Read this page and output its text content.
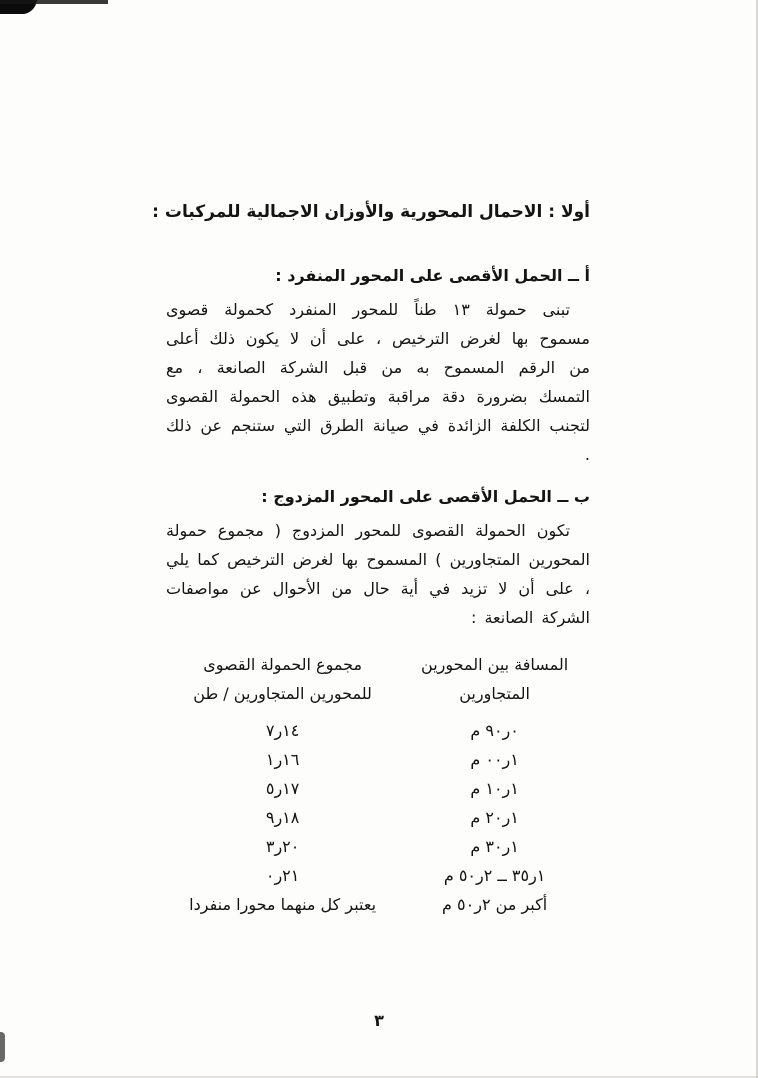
أولا : الاحمال المحورية والأوزان الاجمالية للمركبات :
أ ــ الحمل الأقصى على المحور المنفرد :

تبنى حمولة ١٣ طناً للمحور المنفرد كحمولة قصوى مسموح بها لغرض الترخيص ، على أن لا يكون ذلك أعلى من الرقم المسموح به من قبل الشركة الصانعة ، مع التمسك بضرورة دقة مراقبة وتطبيق هذه الحمولة القصوى لتجنب الكلفة الزائدة في صيانة الطرق التي ستنجم عن ذلك .

ب ــ الحمل الأقصى على المحور المزدوج :

تكون الحمولة القصوى للمحور المزدوج ( مجموع حمولة المحورين المتجاورين ) المسموح بها لغرض الترخيص كما يلي ، على أن لا تزيد في أية حال من الأحوال عن مواصفات الشركة الصانعة :

المسافة بين المحورين
المتجاورين

مجموع الحمولة القصوى
للمحورين المتجاورين / طن

٠ر٩٠ م	١٤ر٧
١ر٠٠ م	١٦ر١
١ر١٠ م	١٧ر٥
١ر٢٠ م	١٨ر٩
١ر٣٠ م	٢٠ر٣
١ر٣٥ ــ ٢ر٥٠ م	٢١ر٠
أكبر من ٢ر٥٠ م	يعتبر كل منهما محورا منفردا
٣
